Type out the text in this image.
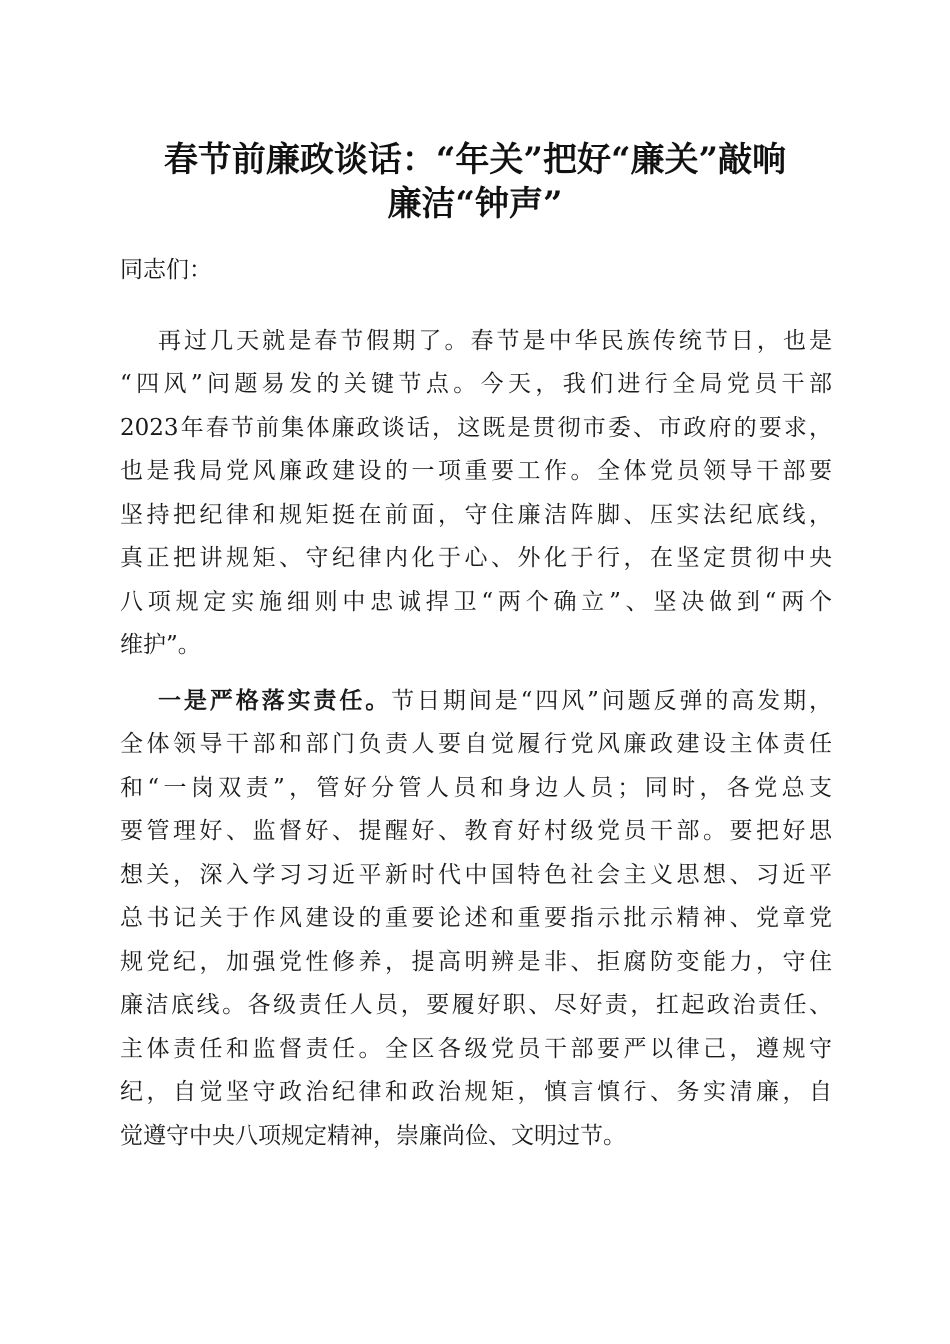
春节前廉政谈话：“年关”把好“廉关”敲响
廉洁“钟声”

同志们：

再过几天就是春节假期了。春节是中华民族传统节日，也是

“四风”问题易发的关键节点。今天，我们进行全局党员干部

2023年春节前集体廉政谈话，这既是贯彻市委、市政府的要求，

也是我局党风廉政建设的一项重要工作。全体党员领导干部要

坚持把纪律和规矩挺在前面，守住廉洁阵脚、压实法纪底线，

真正把讲规矩、守纪律内化于心、外化于行，在坚定贯彻中央

八项规定实施细则中忠诚捍卫“两个确立”、坚决做到“两个

维护”。

一是严格落实责任。节日期间是“四风”问题反弹的高发期，

全体领导干部和部门负责人要自觉履行党风廉政建设主体责任

和“一岗双责”，管好分管人员和身边人员；同时，各党总支

要管理好、监督好、提醒好、教育好村级党员干部。要把好思

想关，深入学习习近平新时代中国特色社会主义思想、习近平

总书记关于作风建设的重要论述和重要指示批示精神、党章党

规党纪，加强党性修养，提高明辨是非、拒腐防变能力，守住

廉洁底线。各级责任人员，要履好职、尽好责，扛起政治责任、

主体责任和监督责任。全区各级党员干部要严以律己，遵规守

纪，自觉坚守政治纪律和政治规矩，慎言慎行、务实清廉，自

觉遵守中央八项规定精神，崇廉尚俭、文明过节。
